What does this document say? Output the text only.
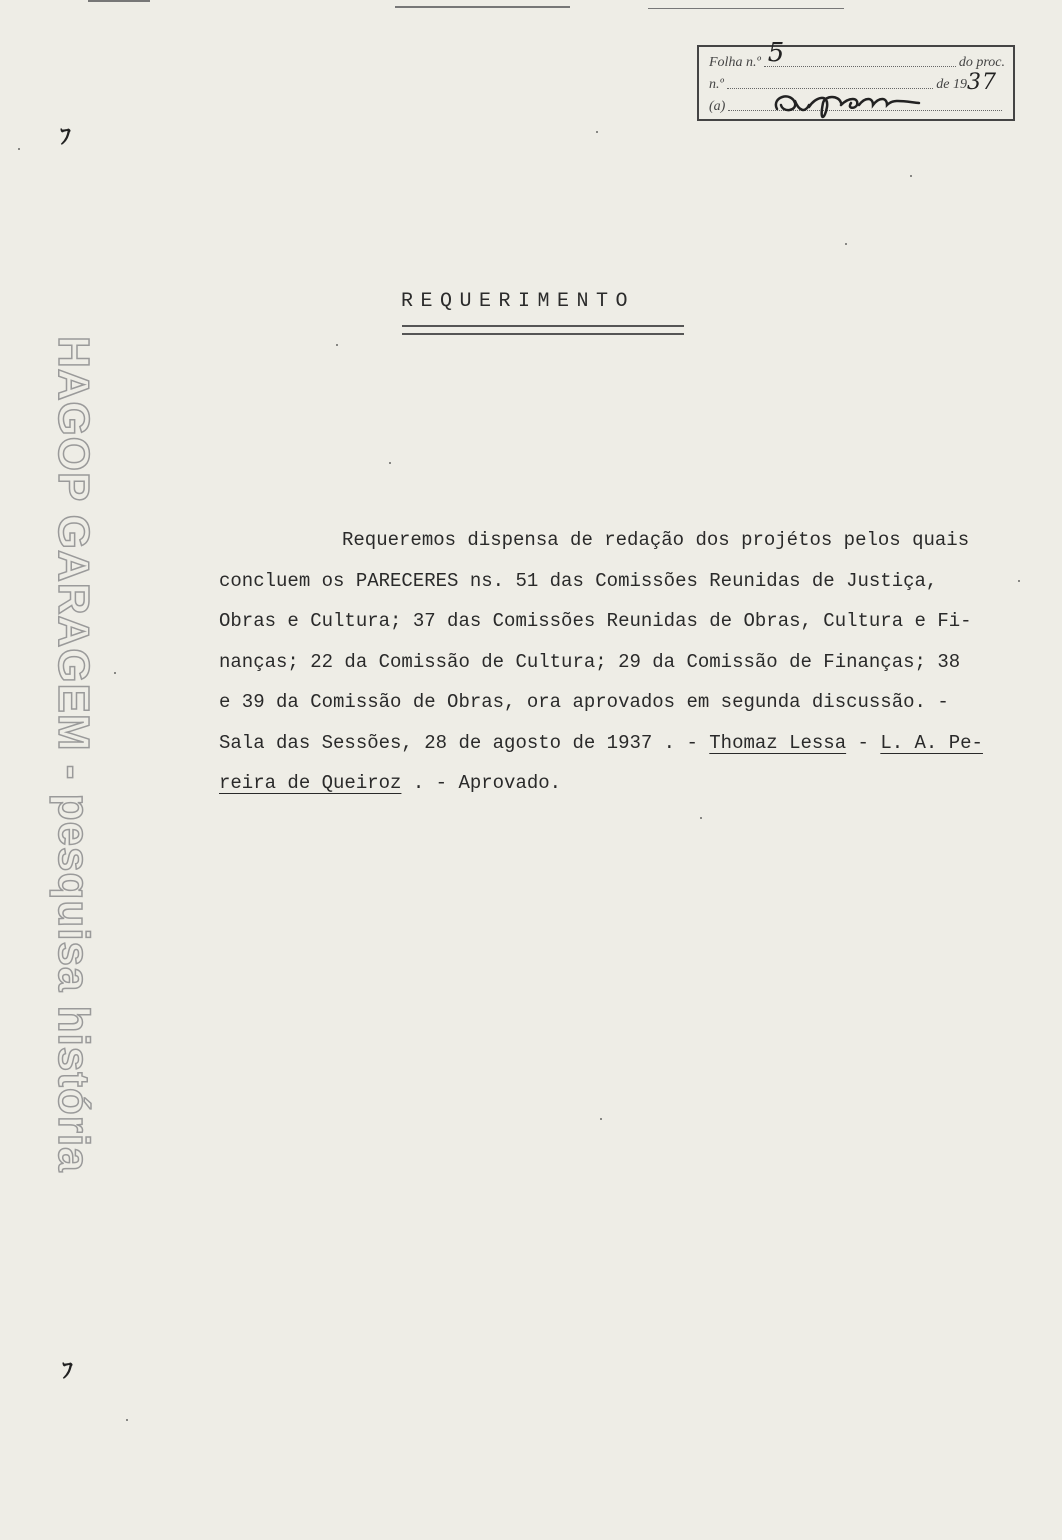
Folha n.º 5	do proc.
n.º	de 19 37
(a)
ﾌ
ﾌ
HAGOP GARAGEM - pesquisa história
REQUERIMENTO
Requeremos dispensa de redação dos projétos pelos quais
concluem os PARECERES ns. 51 das Comissões Reunidas de Justiça,
Obras e Cultura; 37 das Comissões Reunidas de Obras, Cultura e Fi-
nanças; 22 da Comissão de Cultura; 29 da Comissão de Finanças; 38
e 39 da Comissão de Obras, ora aprovados em segunda discussão. -
Sala das Sessões, 28 de agosto de 1937 . - Thomaz Lessa - L. A. Pe-
reira de Queiroz . - Aprovado.
